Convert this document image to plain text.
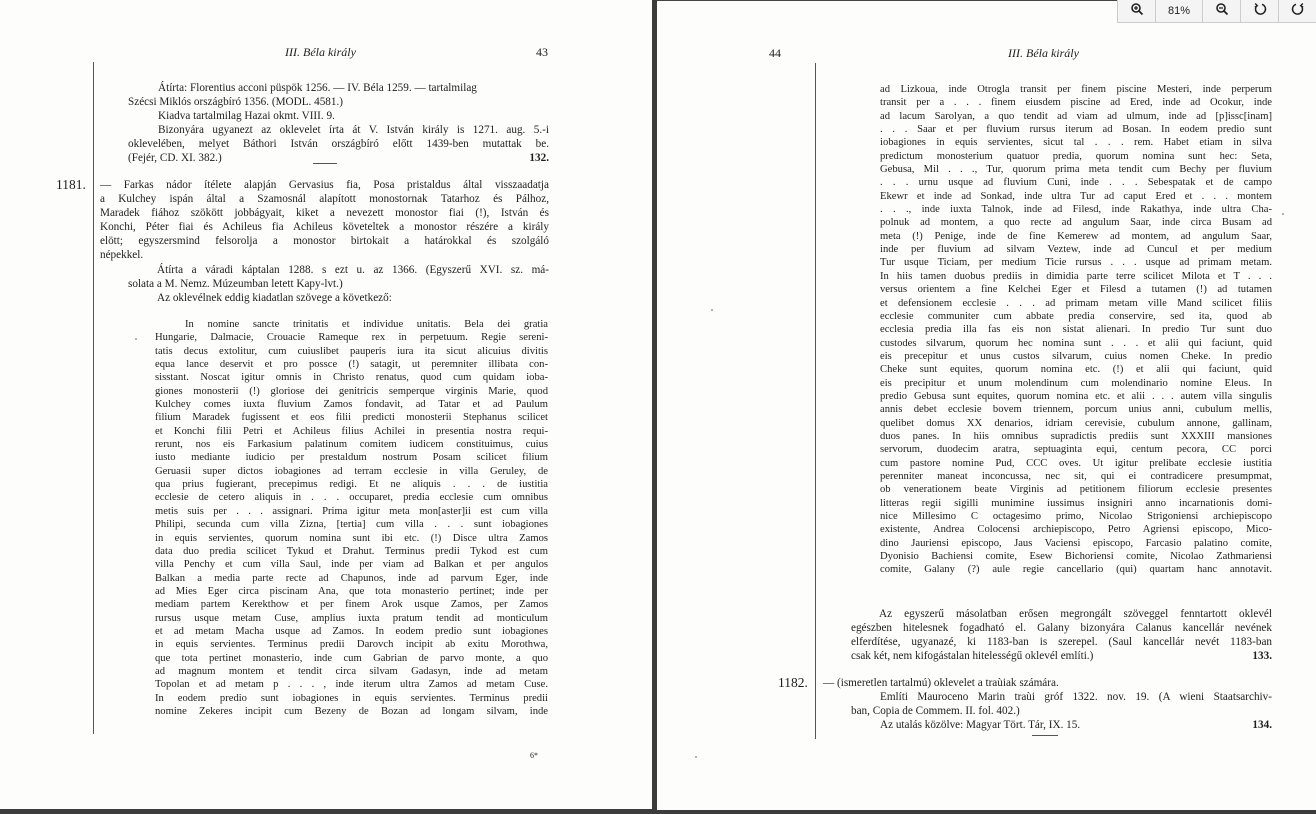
III. Béla király	43

Átírta: Florentius acconi püspök 1256. — IV. Béla 1259. — tartalmilag

Szécsi Miklós országbíró 1356. (MODL. 4581.)

Kiadva tartalmilag Hazai okmt. VIII. 9.

Bizonyára ugyanezt az oklevelet írta át V. István király is 1271. aug. 5.-i

oklevelében, melyet Báthori István országbíró előtt 1439-ben mutattak be.

(Fejér, CD. XI. 382.)	132.
1181. — Farkas nádor ítélete alapján Gervasius fia, Posa pristaldus által visszaadatja

a Kulchey ispán által a Szamosnál alapított monostornak Tatarhoz és Pálhoz,

Maradek fiához szökött jobbágyait, kiket a nevezett monostor fiai (!), István és

Konchi, Péter fiai és Achileus fia Achileus követeltek a monostor részére a király

elött; egyszersmind felsorolja a monostor birtokait a határokkal és szolgáló

népekkel.

Átírta a váradi káptalan 1288. s ezt u. az 1366. (Egyszerű XVI. sz. má-

solata a M. Nemz. Múzeumban letett Kapy-lvt.)

Az oklevélnek eddig kiadatlan szövege a következő:

In nomine sancte trinitatis et individue unitatis. Bela dei gratia

Hungarie, Dalmacie, Crouacie Rameque rex in perpetuum. Regie sereni-

tatis decus extolitur, cum cuiuslibet pauperis iura ita sicut alicuius divitis

equa lance deservit et pro possce (!) satagit, ut peremniter illibata con-

sisstant. Noscat igitur omnis in Christo renatus, quod cum quidam ioba-

giones monosterii (!) gloriose dei genitricis semperque virginis Marie, quod

Kulchey comes iuxta fluvium Zamos fondavit, ad Tatar et ad Paulum

filium Maradek fugissent et eos filii predicti monosterii Stephanus scilicet

et Konchi filii Petri et Achileus filius Achilei in presentia nostra requi-

rerunt, nos eis Farkasium palatinum comitem iudicem constituimus, cuius

iusto mediante iudicio per prestaldum nostrum Posam scilicet filium

Geruasii super dictos iobagiones ad terram ecclesie in villa Geruley, de

qua prius fugierant, precepimus redigi. Et ne aliquis . . . de iustitia

ecclesie de cetero aliquis in . . . occuparet, predia ecclesie cum omnibus

metis suis per . . . assignari. Prima igitur meta mon[aster]ii est cum villa

Philipi, secunda cum villa Zizna, [tertia] cum villa . . . sunt iobagiones

in equis servientes, quorum nomina sunt ibi etc. (!) Disce ultra Zamos

data duo predia scilicet Tykud et Drahut. Terminus predii Tykod est cum

villa Penchy et cum villa Saul, inde per viam ad Balkan et per angulos

Balkan a media parte recte ad Chapunos, inde ad parvum Eger, inde

ad Mies Eger circa piscinam Ana, que tota monasterio pertinet; inde per

mediam partem Kerekthow et per finem Arok usque Zamos, per Zamos

rursus usque metam Cuse, amplius iuxta pratum tendit ad monticulum

et ad metam Macha usque ad Zamos. In eodem predio sunt iobagiones

in equis servientes. Terminus predii Darovch incipit ab exitu Morothwa,

que tota pertinet monasterio, inde cum Gabrian de parvo monte, a quo

ad magnum montem et tendit circa silvam Gadasyn, inde ad metam

Topolan et ad metam p . . . , inde iterum ultra Zamos ad metam Cuse.

In eodem predio sunt iobagiones in equis servientes. Terminus predii

nomine Zekeres incipit cum Bezeny de Bozan ad longam silvam, inde

6*
44	III. Béla király

ad Lizkoua, inde Otrogla transit per finem piscine Mesteri, inde perperum

transit per a . . . finem eiusdem piscine ad Ered, inde ad Ocokur, inde

ad lacum Sarolyan, a quo tendit ad viam ad ulmum, inde ad [p]issc[inam]

. . . Saar et per fluvium rursus iterum ad Bosan. In eodem predio sunt

iobagiones in equis servientes, sicut tal . . . rem. Habet etiam in silva

predictum monosterium quatuor predia, quorum nomina sunt hec: Seta,

Gebusa, Mil . . ., Tur, quorum prima meta tendit cum Bechy per fluvium

. . . urnu usque ad fluvium Cuni, inde . . . Sebespatak et de campo

Ekewr et inde ad Sonkad, inde ultra Tur ad caput Ered et . . . montem

. . ., inde iuxta Talnok, inde ad Filesd, inde Rakathya, inde ultra Cha-

polnuk ad montem, a quo recte ad angulum Saar, inde circa Busam ad

meta (!) Penige, inde de fine Kemerew ad montem, ad angulum Saar,

inde per fluvium ad silvam Veztew, inde ad Cuncul et per medium

Tur usque Ticiam, per medium Ticie rursus . . . usque ad primam metam.

In hiis tamen duobus prediis in dimidia parte terre scilicet Milota et T . . .

versus orientem a fine Kelchei Eger et Filesd a tutamen (!) ad tutamen

et defensionem ecclesie . . . ad primam metam ville Mand scilicet filiis

ecclesie communiter cum abbate predia conservire, sed ita, quod ab

ecclesia predia illa fas eis non sistat alienari. In predio Tur sunt duo

custodes silvarum, quorum hec nomina sunt . . . et alii qui faciunt, quid

eis precepitur et unus custos silvarum, cuius nomen Cheke. In predio

Cheke sunt equites, quorum nomina etc. (!) et alii qui faciunt, quid

eis precipitur et unum molendinum cum molendinario nomine Eleus. In

predio Gebusa sunt equites, quorum nomina etc. et alii . . . autem villa singulis

annis debet ecclesie bovem triennem, porcum unius anni, cubulum mellis,

quelibet domus XX denarios, idriam cerevisie, cubulum annone, gallinam,

duos panes. In hiis omnibus supradictis prediis sunt XXXIII mansiones

servorum, duodecim aratra, septuaginta equi, centum pecora, CC porci

cum pastore nomine Pud, CCC oves. Ut igitur prelibate ecclesie iustitia

perenniter maneat inconcussa, nec sit, qui ei contradicere presumpmat,

ob venerationem beate Virginis ad petitionem filiorum ecclesie presentes

litteras regii sigilli munimine iussimus insigniri anno incarnationis domi-

nice Millesimo C octagesimo primo, Nicolao Strigoniensi archiepiscopo

existente, Andrea Colocensi archiepiscopo, Petro Agriensi episcopo, Mico-

dino Jauriensi episcopo, Jaus Vaciensi episcopo, Farcasio palatino comite,

Dyonisio Bachiensi comite, Esew Bichoriensi comite, Nicolao Zathmariensi

comite, Galany (?) aule regie cancellario (qui) quartam hanc annotavit.

Az egyszerű másolatban erősen megrongált szöveggel fenntartott oklevél

egészben hitelesnek fogadható el. Galany bizonyára Calanus kancellár nevének

elferdítése, ugyanazé, ki 1183-ban is szerepel. (Saul kancellár nevét 1183-ban

csak két, nem kifogástalan hitelességű oklevél említi.)	133.
1182. — (ismeretlen tartalmú) oklevelet a traùiak számára.

Említi Mauroceno Marin traùi gróf 1322. nov. 19. (A wieni Staatsarchiv-

ban, Copia de Commem. II. fol. 402.)

Az utalás közölve: Magyar Tört. Tár, IX. 15.	134.
81%
